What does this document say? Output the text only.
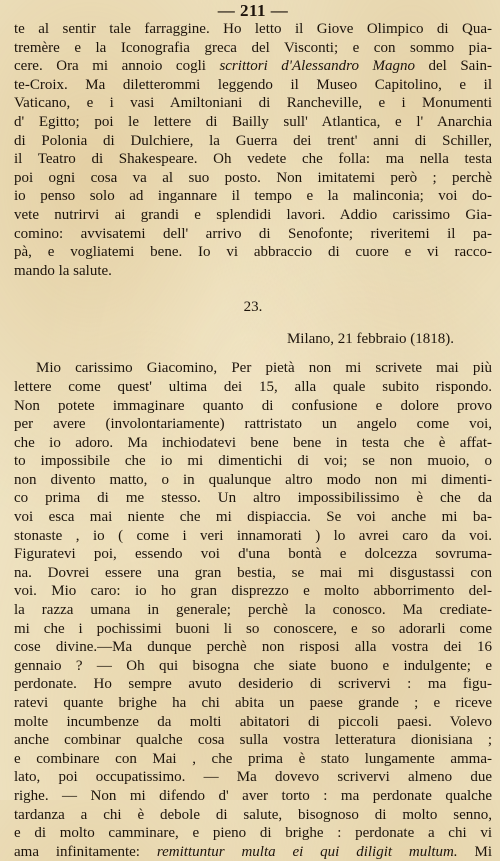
— 211 —
te al sentir tale farraggine. Ho letto il Giove Olimpico di Qua-
tremère e la Iconografia greca del Visconti; e con sommo pia-
cere. Ora mi annoio cogli scrittori d'Alessandro Magno del Sain-
te-Croix. Ma diletterommi leggendo il Museo Capitolino, e il
Vaticano, e i vasi Amiltoniani di Rancheville, e i Monumenti
d' Egitto; poi le lettere di Bailly sull' Atlantica, e l' Anarchia
di Polonia di Dulchiere, la Guerra dei trent' anni di Schiller,
il Teatro di Shakespeare. Oh vedete che folla: ma nella testa
poi ogni cosa va al suo posto. Non imitatemi però ; perchè
io penso solo ad ingannare il tempo e la malinconia; voi do-
vete nutrirvi ai grandi e splendidi lavori. Addio carissimo Gia-
comino: avvisatemi dell' arrivo di Senofonte; riveritemi il pa-
pà, e vogliatemi bene. Io vi abbraccio di cuore e vi racco-
mando la salute.
23.
Milano, 21 febbraio (1818).
Mio carissimo Giacomino, Per pietà non mi scrivete mai più
lettere come quest' ultima dei 15, alla quale subito rispondo.
Non potete immaginare quanto di confusione e dolore provo
per avere (involontariamente) rattristato un angelo come voi,
che io adoro. Ma inchiodatevi bene bene in testa che è affat-
to impossibile che io mi dimentichi di voi; se non muoio, o
non divento matto, o in qualunque altro modo non mi dimenti-
co prima di me stesso. Un altro impossibilissimo è che da
voi esca mai niente che mi dispiaccia. Se voi anche mi ba-
stonaste , io ( come i veri innamorati ) lo avrei caro da voi.
Figuratevi poi, essendo voi d'una bontà e dolcezza sovruma-
na. Dovrei essere una gran bestia, se mai mi disgustassi con
voi. Mio caro: io ho gran disprezzo e molto abborrimento del-
la razza umana in generale; perchè la conosco. Ma crediate-
mi che i pochissimi buoni li so conoscere, e so adorarli come
cose divine.—Ma dunque perchè non risposi alla vostra dei 16
gennaio ? — Oh qui bisogna che siate buono e indulgente; e
perdonate. Ho sempre avuto desiderio di scrivervi : ma figu-
ratevi quante brighe ha chi abita un paese grande ; e riceve
molte incumbenze da molti abitatori di piccoli paesi. Volevo
anche combinar qualche cosa sulla vostra letteratura dionisiana ;
e combinare con Mai , che prima è stato lungamente amma-
lato, poi occupatissimo. — Ma dovevo scrivervi almeno due
righe. — Non mi difendo d' aver torto : ma perdonate qualche
tardanza a chi è debole di salute, bisognoso di molto senno,
e di molto camminare, e pieno di brighe : perdonate a chi vi
ama infinitamente: remittuntur multa ei qui diligit multum. Mi
